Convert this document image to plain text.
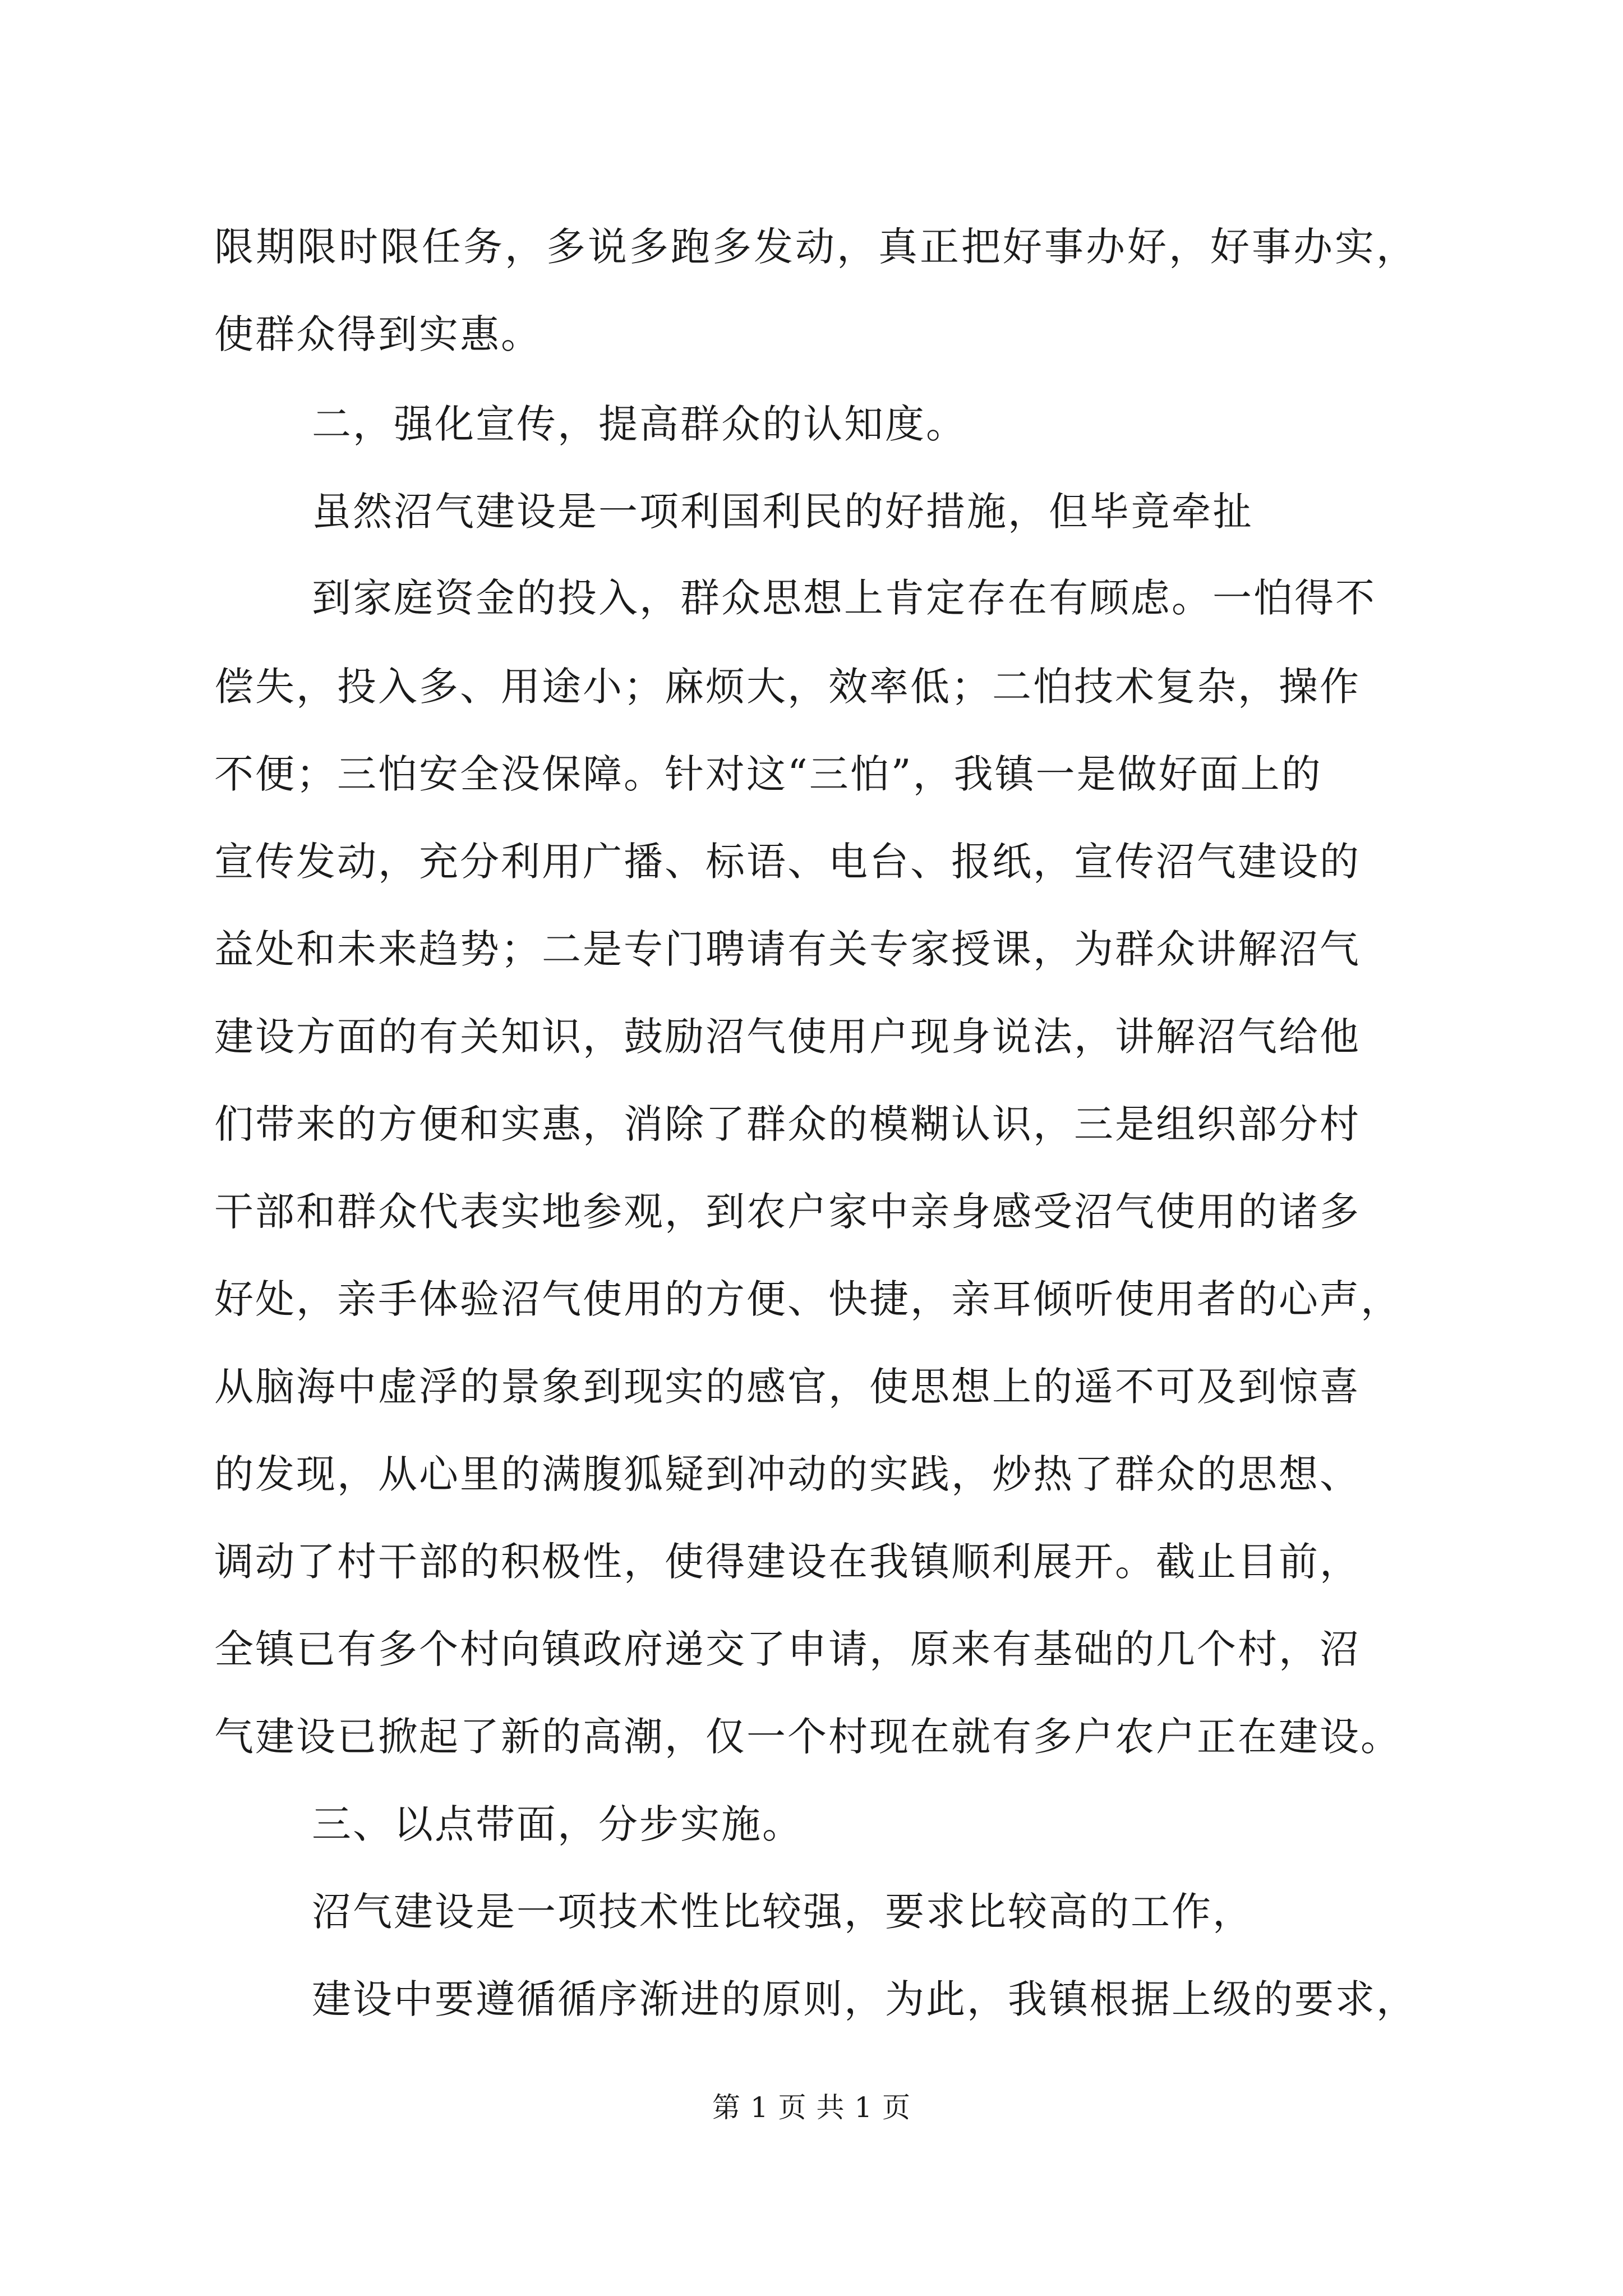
限期限时限任务，多说多跑多发动，真正把好事办好，好事办实，
使群众得到实惠。
二，强化宣传，提高群众的认知度。
虽然沼气建设是一项利国利民的好措施，但毕竟牵扯
到家庭资金的投入，群众思想上肯定存在有顾虑。一怕得不
偿失，投入多、用途小；麻烦大，效率低；二怕技术复杂，操作
不便；三怕安全没保障。针对这“三怕”，我镇一是做好面上的
宣传发动，充分利用广播、标语、电台、报纸，宣传沼气建设的
益处和未来趋势；二是专门聘请有关专家授课，为群众讲解沼气
建设方面的有关知识，鼓励沼气使用户现身说法，讲解沼气给他
们带来的方便和实惠，消除了群众的模糊认识，三是组织部分村
干部和群众代表实地参观，到农户家中亲身感受沼气使用的诸多
好处，亲手体验沼气使用的方便、快捷，亲耳倾听使用者的心声，
从脑海中虚浮的景象到现实的感官，使思想上的遥不可及到惊喜
的发现，从心里的满腹狐疑到冲动的实践，炒热了群众的思想、
调动了村干部的积极性，使得建设在我镇顺利展开。截止目前，
全镇已有多个村向镇政府递交了申请，原来有基础的几个村，沼
气建设已掀起了新的高潮，仅一个村现在就有多户农户正在建设。
三、以点带面，分步实施。
沼气建设是一项技术性比较强，要求比较高的工作，
建设中要遵循循序渐进的原则，为此，我镇根据上级的要求，
第 1 页 共 1 页
